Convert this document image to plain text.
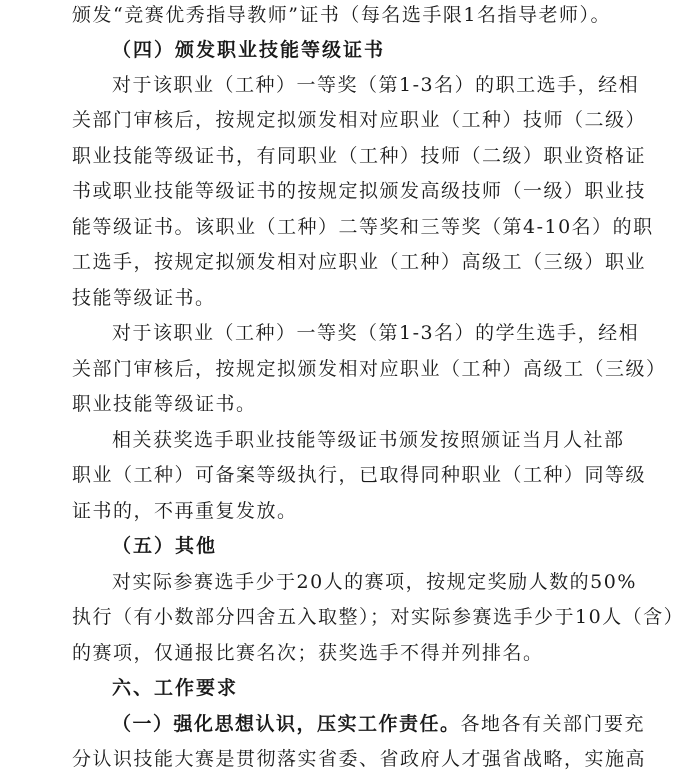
颁发“竞赛优秀指导教师”证书（每名选手限1名指导老师）。
（四）颁发职业技能等级证书
对于该职业（工种）一等奖（第1-3名）的职工选手，经相
关部门审核后，按规定拟颁发相对应职业（工种）技师（二级）
职业技能等级证书，有同职业（工种）技师（二级）职业资格证
书或职业技能等级证书的按规定拟颁发高级技师（一级）职业技
能等级证书。该职业（工种）二等奖和三等奖（第4-10名）的职
工选手，按规定拟颁发相对应职业（工种）高级工（三级）职业
技能等级证书。
对于该职业（工种）一等奖（第1-3名）的学生选手，经相
关部门审核后，按规定拟颁发相对应职业（工种）高级工（三级）
职业技能等级证书。
相关获奖选手职业技能等级证书颁发按照颁证当月人社部
职业（工种）可备案等级执行，已取得同种职业（工种）同等级
证书的，不再重复发放。
（五）其他
对实际参赛选手少于20人的赛项，按规定奖励人数的50%
执行（有小数部分四舍五入取整）；对实际参赛选手少于10人（含）
的赛项，仅通报比赛名次；获奖选手不得并列排名。
六、工作要求
（一）强化思想认识，压实工作责任。各地各有关部门要充
分认识技能大赛是贯彻落实省委、省政府人才强省战略，实施高
